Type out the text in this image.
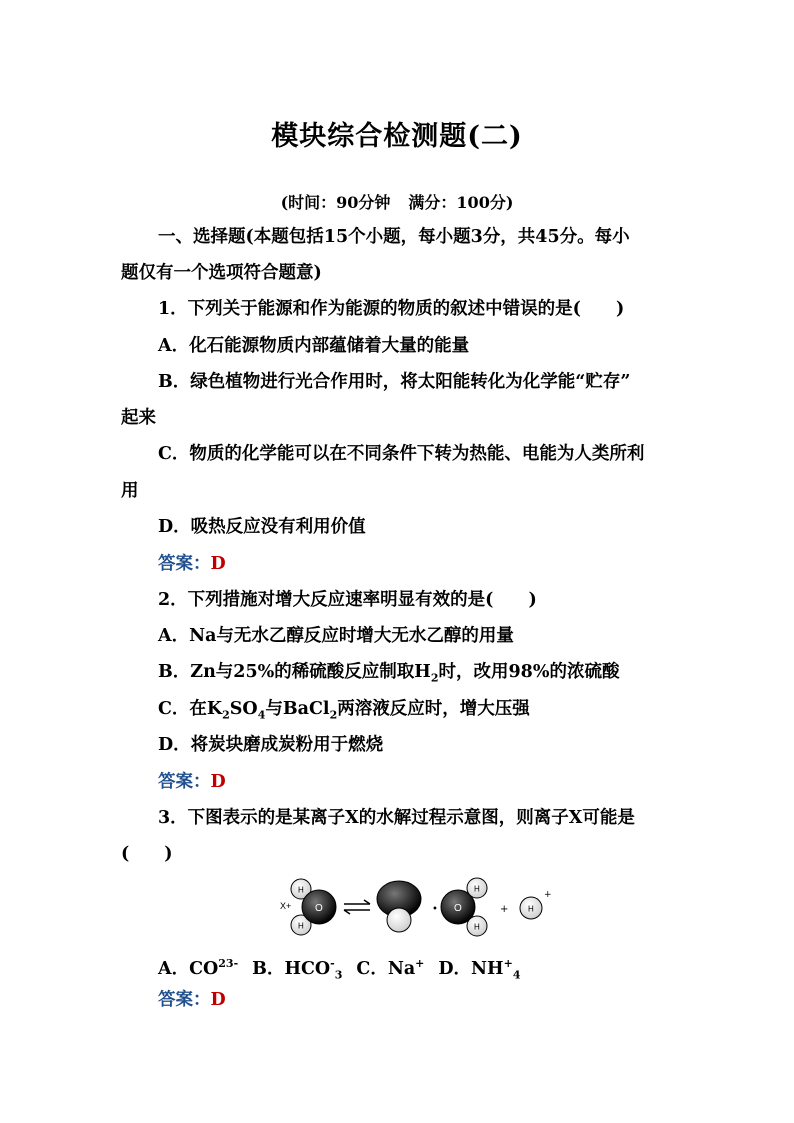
模块综合检测题(二)
(时间：90分钟 满分：100分)
一、选择题(本题包括15个小题，每小题3分，共45分。每小
题仅有一个选项符合题意)
1．下列关于能源和作为能源的物质的叙述中错误的是(　　)
A．化石能源物质内部蕴储着大量的能量
B．绿色植物进行光合作用时，将太阳能转化为化学能“贮存”
起来
C．物质的化学能可以在不同条件下转为热能、电能为人类所利
用
D．吸热反应没有利用价值
答案：D
2．下列措施对增大反应速率明显有效的是(　　)
A．Na与无水乙醇反应时增大无水乙醇的用量
B．Zn与25%的稀硫酸反应制取$H_2$时，改用98%的浓硫酸
C．在$K_2SO_4$与BaCl$_2$两溶液反应时，增大压强
D．将炭块磨成炭粉用于燃烧
答案：D
3．下图表示的是某离子X的水解过程示意图，则离子X可能是
(　　)
X+
H
H
O	• O
H
H
+ H
+
A．$CO^{23-}$ B．$HCO^-_3$ C．Na+ D．$NH^+_4$
答案：D
